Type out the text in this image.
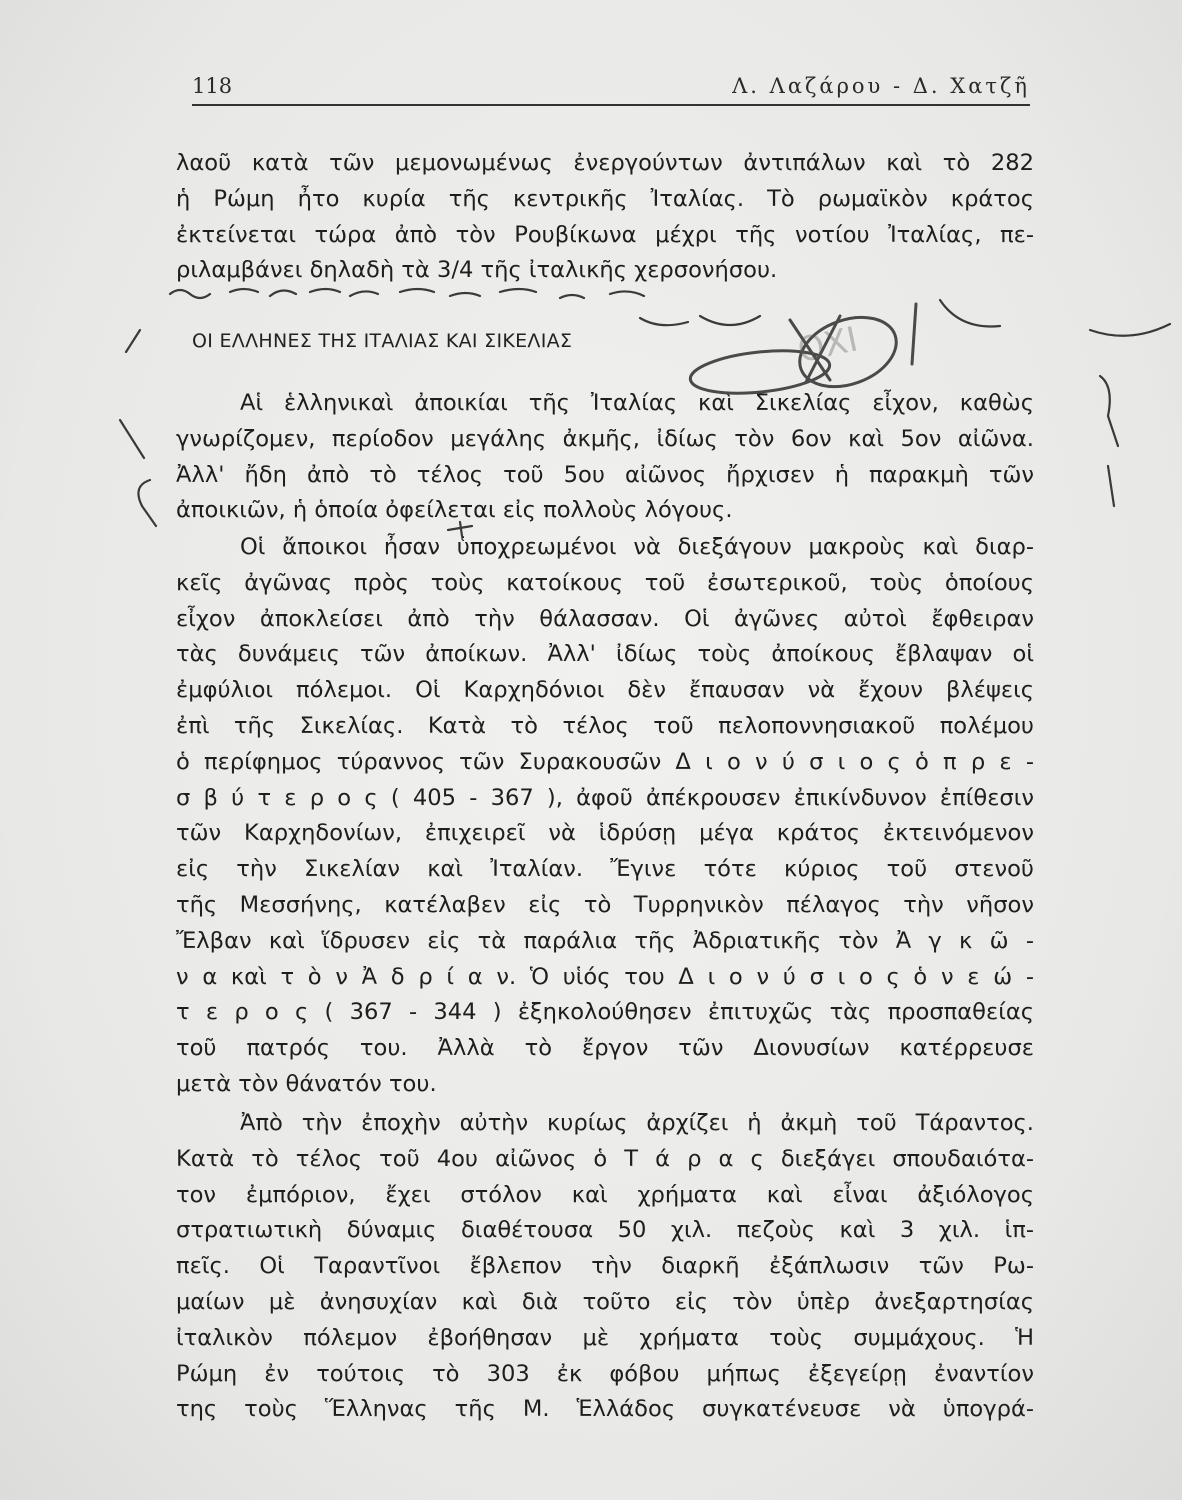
118	Λ. Λαζάρου - Δ. Χατζῆ
λαοῦ κατὰ τῶν μεμονωμένως ἐνεργούντων ἀντιπάλων καὶ τὸ 282
ἡ Ρώμη ἦτο κυρία τῆς κεντρικῆς Ἰταλίας. Τὸ ρωμαϊκὸν κράτος
ἐκτείνεται τώρα ἀπὸ τὸν Ρουβίκωνα μέχρι τῆς νοτίου Ἰταλίας, πε-
ριλαμβάνει δηλαδὴ τὰ 3/4 τῆς ἰταλικῆς χερσονήσου.
ΟΙ ΕΛΛΗΝΕΣ ΤΗΣ ΙΤΑΛΙΑΣ ΚΑΙ ΣΙΚΕΛΙΑΣ
Αἱ ἑλληνικαὶ ἀποικίαι τῆς Ἰταλίας καὶ Σικελίας εἶχον, καθὼς
γνωρίζομεν, περίοδον μεγάλης ἀκμῆς, ἰδίως τὸν 6ον καὶ 5ον αἰῶνα.
Ἀλλ' ἤδη ἀπὸ τὸ τέλος τοῦ 5ου αἰῶνος ἤρχισεν ἡ παρακμὴ τῶν
ἀποικιῶν, ἡ ὁποία ὀφείλεται εἰς πολλοὺς λόγους.
Οἱ ἄποικοι ἦσαν ὑποχρεωμένοι νὰ διεξάγουν μακροὺς καὶ διαρ-
κεῖς ἀγῶνας πρὸς τοὺς κατοίκους τοῦ ἐσωτερικοῦ, τοὺς ὁποίους
εἶχον ἀποκλείσει ἀπὸ τὴν θάλασσαν. Οἱ ἀγῶνες αὐτοὶ ἔφθειραν
τὰς δυνάμεις τῶν ἀποίκων. Ἀλλ' ἰδίως τοὺς ἀποίκους ἔβλαψαν οἱ
ἐμφύλιοι πόλεμοι. Οἱ Καρχηδόνιοι δὲν ἔπαυσαν νὰ ἔχουν βλέψεις
ἐπὶ τῆς Σικελίας. Κατὰ τὸ τέλος τοῦ πελοποννησιακοῦ πολέμου
ὁ περίφημος τύραννος τῶν Συρακουσῶν Δ ι ο ν ύ σ ι ο ς ὁ π ρ ε -
σ β ύ τ ε ρ ο ς ( 405 - 367 ), ἀφοῦ ἀπέκρουσεν ἐπικίνδυνον ἐπίθεσιν
τῶν Καρχηδονίων, ἐπιχειρεῖ νὰ ἱδρύσῃ μέγα κράτος ἐκτεινόμενον
εἰς τὴν Σικελίαν καὶ Ἰταλίαν. Ἔγινε τότε κύριος τοῦ στενοῦ
τῆς Μεσσήνης, κατέλαβεν εἰς τὸ Τυρρηνικὸν πέλαγος τὴν νῆσον
Ἔλβαν καὶ ἵδρυσεν εἰς τὰ παράλια τῆς Ἀδριατικῆς τὸν Ἀ γ κ ῶ -
ν α καὶ τ ὸ ν Ἀ δ ρ ί α ν. Ὁ υἱός του Δ ι ο ν ύ σ ι ο ς ὁ ν ε ώ -
τ ε ρ ο ς ( 367 - 344 ) ἐξηκολούθησεν ἐπιτυχῶς τὰς προσπαθείας
τοῦ πατρός του. Ἀλλὰ τὸ ἔργον τῶν Διονυσίων κατέρρευσε
μετὰ τὸν θάνατόν του.
Ἀπὸ τὴν ἐποχὴν αὐτὴν κυρίως ἀρχίζει ἡ ἀκμὴ τοῦ Τάραντος.
Κατὰ τὸ τέλος τοῦ 4ου αἰῶνος ὁ Τ ά ρ α ς διεξάγει σπουδαιότα-
τον ἐμπόριον, ἔχει στόλον καὶ χρήματα καὶ εἶναι ἀξιόλογος
στρατιωτικὴ δύναμις διαθέτουσα 50 χιλ. πεζοὺς καὶ 3 χιλ. ἱπ-
πεῖς. Οἱ Ταραντῖνοι ἔβλεπον τὴν διαρκῆ ἐξάπλωσιν τῶν Ρω-
μαίων μὲ ἀνησυχίαν καὶ διὰ τοῦτο εἰς τὸν ὑπὲρ ἀνεξαρτησίας
ἰταλικὸν πόλεμον ἐβοήθησαν μὲ χρήματα τοὺς συμμάχους. Ἡ
Ρώμη ἐν τούτοις τὸ 303 ἐκ φόβου μήπως ἐξεγείρῃ ἐναντίον
της τοὺς Ἕλληνας τῆς Μ. Ἑλλάδος συγκατένευσε νὰ ὑπογρά-
ΟΧΙ
